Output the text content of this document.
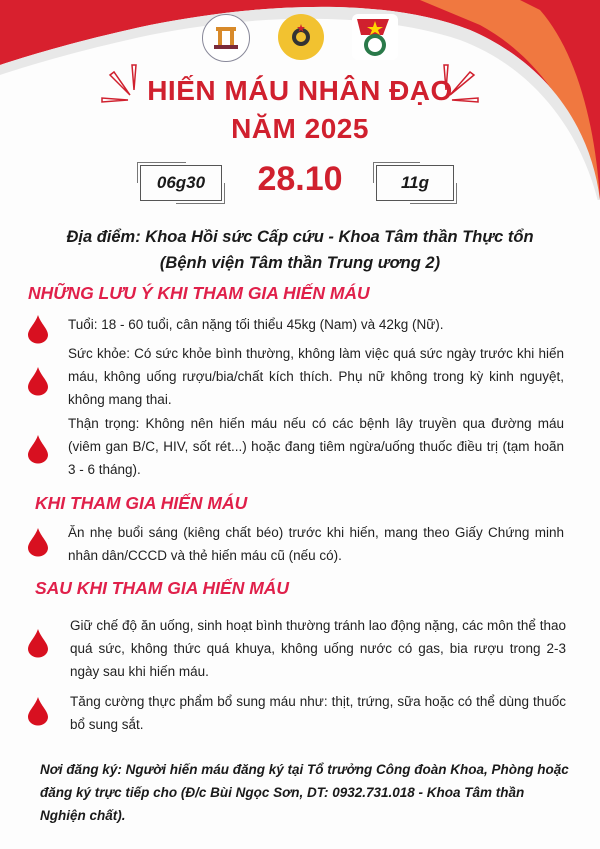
HIẾN MÁU NHÂN ĐẠO
NĂM 2025
06g30	28.10	11g
Địa điểm: Khoa Hồi sức Cấp cứu - Khoa Tâm thần Thực tổn
(Bệnh viện Tâm thần Trung ương 2)
NHỮNG LƯU Ý KHI THAM GIA HIẾN MÁU
Tuổi: 18 - 60 tuổi, cân nặng tối thiểu 45kg (Nam) và 42kg (Nữ).
Sức khỏe: Có sức khỏe bình thường, không làm việc quá sức ngày trước khi hiến máu, không uống rượu/bia/chất kích thích. Phụ nữ không trong kỳ kinh nguyệt, không mang thai.
Thận trọng: Không nên hiến máu nếu có các bệnh lây truyền qua đường máu (viêm gan B/C, HIV, sốt rét...) hoặc đang tiêm ngừa/uống thuốc điều trị (tạm hoãn 3 - 6 tháng).
KHI THAM GIA HIẾN MÁU
Ăn nhẹ buổi sáng (kiêng chất béo) trước khi hiến, mang theo Giấy Chứng minh nhân dân/CCCD và thẻ hiến máu cũ (nếu có).
SAU KHI THAM GIA HIẾN MÁU
Giữ chế độ ăn uống, sinh hoạt bình thường tránh lao động nặng, các môn thể thao quá sức, không thức quá khuya, không uống nước có gas, bia rượu trong 2-3 ngày sau khi hiến máu.
Tăng cường thực phẩm bổ sung máu như: thịt, trứng, sữa hoặc có thể dùng thuốc bổ sung sắt.
Nơi đăng ký: Người hiến máu đăng ký tại Tổ trưởng Công đoàn Khoa, Phòng hoặc đăng ký trực tiếp cho (Đ/c Bùi Ngọc Sơn, DT: 0932.731.018 - Khoa Tâm thần Nghiện chất).
